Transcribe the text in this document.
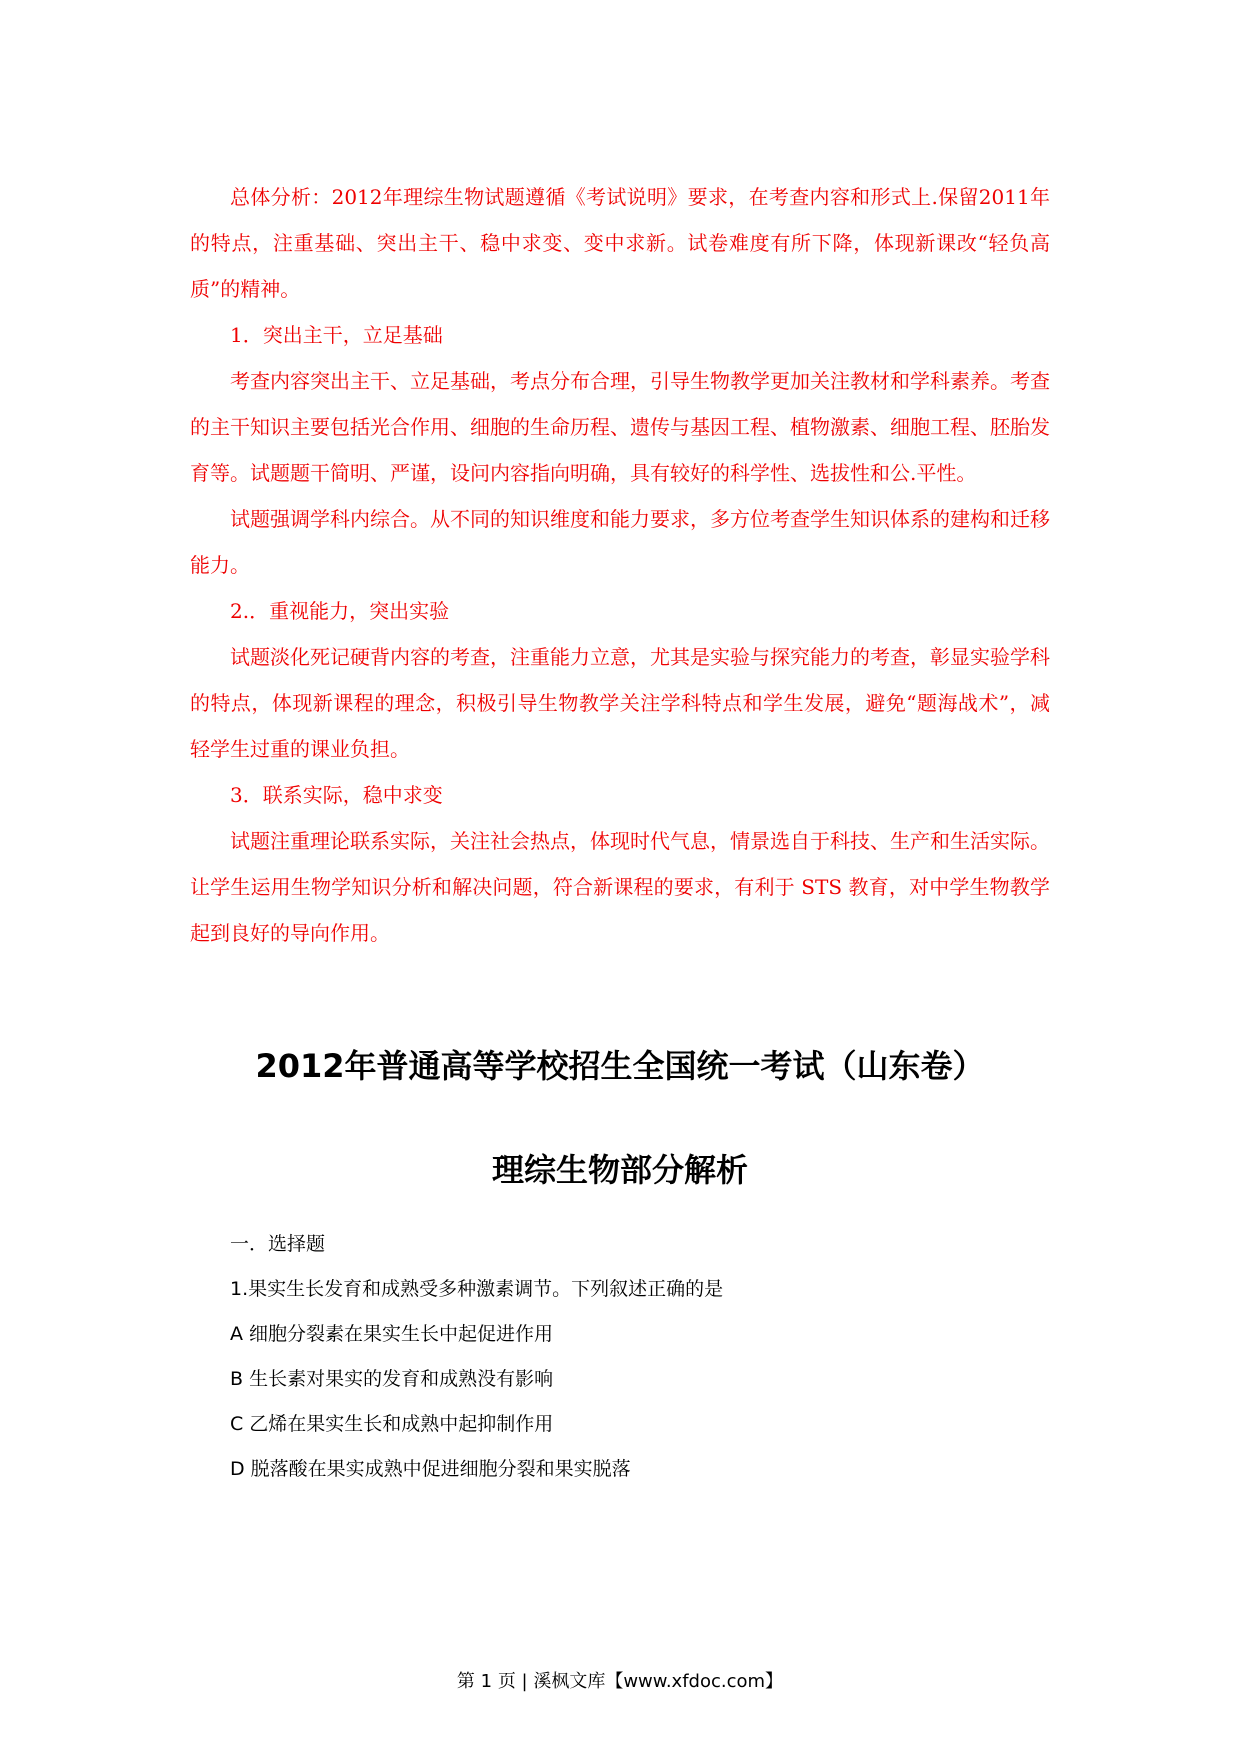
总体分析：2012年理综生物试题遵循《考试说明》要求，在考查内容和形式上.保留2011年的特点，注重基础、突出主干、稳中求变、变中求新。试卷难度有所下降，体现新课改“轻负高质”的精神。

1．突出主干，立足基础

考查内容突出主干、立足基础，考点分布合理，引导生物教学更加关注教材和学科素养。考查的主干知识主要包括光合作用、细胞的生命历程、遗传与基因工程、植物激素、细胞工程、胚胎发育等。试题题干简明、严谨，设问内容指向明确，具有较好的科学性、选拔性和公.平性。

试题强调学科内综合。从不同的知识维度和能力要求，多方位考查学生知识体系的建构和迁移能力。

2.．重视能力，突出实验

试题淡化死记硬背内容的考查，注重能力立意，尤其是实验与探究能力的考查，彰显实验学科的特点，体现新课程的理念，积极引导生物教学关注学科特点和学生发展，避免“题海战术”，减轻学生过重的课业负担。

3．联系实际，稳中求变

试题注重理论联系实际，关注社会热点，体现时代气息，情景选自于科技、生产和生活实际。让学生运用生物学知识分析和解决问题，符合新课程的要求，有利于 STS 教育，对中学生物教学起到良好的导向作用。

2012年普通高等学校招生全国统一考试（山东卷）
理综生物部分解析

一．选择题

1.果实生长发育和成熟受多种激素调节。下列叙述正确的是

A 细胞分裂素在果实生长中起促进作用

B 生长素对果实的发育和成熟没有影响

C 乙烯在果实生长和成熟中起抑制作用

D 脱落酸在果实成熟中促进细胞分裂和果实脱落

第 1 页 | 溪枫文库【www.xfdoc.com】
